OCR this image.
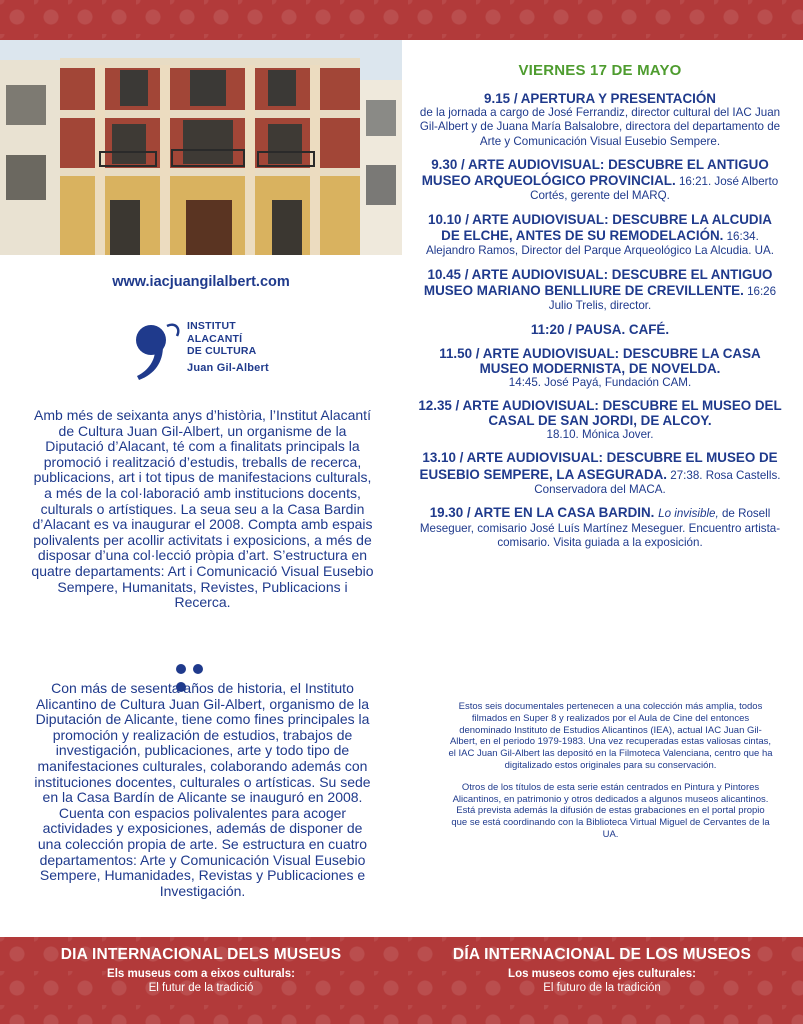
www.iacjuangilalbert.com
INSTITUT
ALACANTÍ
DE CULTURA
Juan Gil-Albert
Amb més de seixanta anys d’història, l’Institut Alacantí de Cultura Juan Gil-Albert, un organisme de la Diputació d’Alacant, té com a finalitats principals la promoció i realització d’estudis, treballs de recerca, publicacions, art i tot tipus de manifestacions culturals, a més de la col·laboració amb institucions docents, culturals o artístiques. La seua seu a la Casa Bardin d’Alacant es va inaugurar el 2008. Compta amb espais polivalents per acollir activitats i exposicions, a més de disposar d’una col·lecció pròpia d’art. S’estructura en quatre departaments: Art i Comunicació Visual Eusebio Sempere, Humanitats, Revistes, Publicacions i Recerca.
Con más de sesenta años de historia, el Instituto Alicantino de Cultura Juan Gil-Albert, organismo de la Diputación de Alicante, tiene como fines principales la promoción y realización de estudios, trabajos de investigación, publicaciones, arte y todo tipo de manifestaciones culturales, colaborando además con instituciones docentes, culturales o artísticas. Su sede en la Casa Bardín de Alicante se inauguró en 2008. Cuenta con espacios polivalentes para acoger actividades y exposiciones, además de disponer de una colección propia de arte. Se estructura en cuatro departamentos: Arte y Comunicación Visual Eusebio Sempere, Humanidades, Revistas y Publicaciones e Investigación.
VIERNES 17 DE MAYO
9.15 / APERTURA Y PRESENTACIÓN
de la jornada a cargo de José Ferrandiz, director cultural del IAC Juan Gil-Albert y de Juana María Balsalobre, directora del departamento de Arte y Comunicación Visual Eusebio Sempere.
9.30 / ARTE AUDIOVISUAL: DESCUBRE EL ANTIGUO MUSEO ARQUEOLÓGICO PROVINCIAL. 16:21. José Alberto Cortés, gerente del MARQ.
10.10 / ARTE AUDIOVISUAL: DESCUBRE LA ALCUDIA DE ELCHE, ANTES DE SU REMODELACIÓN. 16:34. Alejandro Ramos, Director del Parque Arqueológico La Alcudia. UA.
10.45 / ARTE AUDIOVISUAL: DESCUBRE EL ANTIGUO MUSEO MARIANO BENLLIURE DE CREVILLENTE. 16:26 Julio Trelis, director.
11:20 / PAUSA. CAFÉ.
11.50 / ARTE AUDIOVISUAL: DESCUBRE LA CASA MUSEO MODERNISTA, DE NOVELDA.
14:45. José Payá, Fundación CAM.
12.35 / ARTE AUDIOVISUAL: DESCUBRE EL MUSEO DEL CASAL DE SAN JORDI, DE ALCOY.
18.10. Mónica Jover.
13.10 / ARTE AUDIOVISUAL: DESCUBRE EL MUSEO DE EUSEBIO SEMPERE, LA ASEGURADA. 27:38. Rosa Castells. Conservadora del MACA.
19.30 / ARTE EN LA CASA BARDIN. Lo invisible, de Rosell Meseguer, comisario José Luís Martínez Meseguer. Encuentro artista-comisario. Visita guiada a la exposición.

Estos seis documentales pertenecen a una colección más amplia, todos filmados en Super 8 y realizados por el Aula de Cine del entonces denominado Instituto de Estudios Alicantinos (IEA), actual IAC Juan Gil-Albert, en el periodo 1979-1983. Una vez recuperadas estas valiosas cintas, el IAC Juan Gil-Albert las depositó en la Filmoteca Valenciana, centro que ha digitalizado estos originales para su conservación.

Otros de los títulos de esta serie están centrados en Pintura y Pintores Alicantinos, en patrimonio y otros dedicados a algunos museos alicantinos. Está prevista además la difusión de estas grabaciones en el portal propio que se está coordinando con la Biblioteca Virtual Miguel de Cervantes de la UA.

DIA INTERNACIONAL DELS MUSEUS
Els museus com a eixos culturals:
El futur de la tradició
DÍA INTERNACIONAL DE LOS MUSEOS
Los museos como ejes culturales:
El futuro de la tradición
